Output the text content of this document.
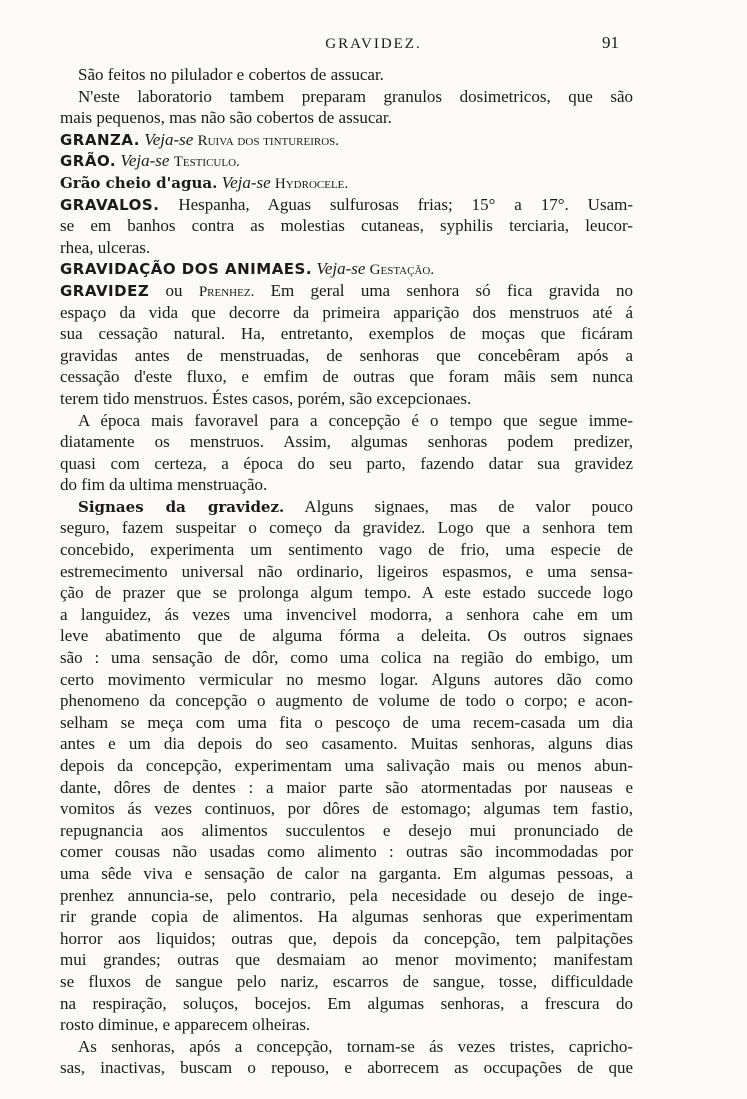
GRAVIDEZ.	91
São feitos no pilulador e cobertos de assucar.
N'este laboratorio tambem preparam granulos dosimetricos, que são
mais pequenos, mas não são cobertos de assucar.
GRANZA. Veja-se Ruiva dos tintureiros.
GRÃO. Veja-se Testiculo.
Grão cheio d'agua. Veja-se Hydrocele.
GRAVALOS. Hespanha, Aguas sulfurosas frias; 15° a 17°. Usam-
se em banhos contra as molestias cutaneas, syphilis terciaria, leucor-
rhea, ulceras.
GRAVIDAÇÃO DOS ANIMAES. Veja-se Gestação.
GRAVIDEZ ou Prenhez. Em geral uma senhora só fica gravida no
espaço da vida que decorre da primeira apparição dos menstruos até á
sua cessação natural. Ha, entretanto, exemplos de moças que ficáram
gravidas antes de menstruadas, de senhoras que concebêram após a
cessação d'este fluxo, e emfim de outras que foram mãis sem nunca
terem tido menstruos. Éstes casos, porém, são excepcionaes.
A época mais favoravel para a concepção é o tempo que segue imme-
diatamente os menstruos. Assim, algumas senhoras podem predizer,
quasi com certeza, a época do seu parto, fazendo datar sua gravidez
do fim da ultima menstruação.
Signaes da gravidez. Alguns signaes, mas de valor pouco
seguro, fazem suspeitar o começo da gravidez. Logo que a senhora tem
concebido, experimenta um sentimento vago de frio, uma especie de
estremecimento universal não ordinario, ligeiros espasmos, e uma sensa-
ção de prazer que se prolonga algum tempo. A este estado succede logo
a languidez, ás vezes uma invencivel modorra, a senhora cahe em um
leve abatimento que de alguma fórma a deleita. Os outros signaes
são : uma sensação de dôr, como uma colica na região do embigo, um
certo movimento vermicular no mesmo logar. Alguns autores dão como
phenomeno da concepção o augmento de volume de todo o corpo; e acon-
selham se meça com uma fita o pescoço de uma recem-casada um dia
antes e um dia depois do seo casamento. Muitas senhoras, alguns dias
depois da concepção, experimentam uma salivação mais ou menos abun-
dante, dôres de dentes : a maior parte são atormentadas por nauseas e
vomitos ás vezes continuos, por dôres de estomago; algumas tem fastio,
repugnancia aos alimentos succulentos e desejo mui pronunciado de
comer cousas não usadas como alimento : outras são incommodadas por
uma sêde viva e sensação de calor na garganta. Em algumas pessoas, a
prenhez annuncia-se, pelo contrario, pela necesidade ou desejo de inge-
rir grande copia de alimentos. Ha algumas senhoras que experimentam
horror aos liquidos; outras que, depois da concepção, tem palpitações
mui grandes; outras que desmaiam ao menor movimento; manifestam
se fluxos de sangue pelo nariz, escarros de sangue, tosse, difficuldade
na respiração, soluços, bocejos. Em algumas senhoras, a frescura do
rosto diminue, e apparecem olheiras.
As senhoras, após a concepção, tornam-se ás vezes tristes, capricho-
sas, inactivas, buscam o repouso, e aborrecem as occupações de que
